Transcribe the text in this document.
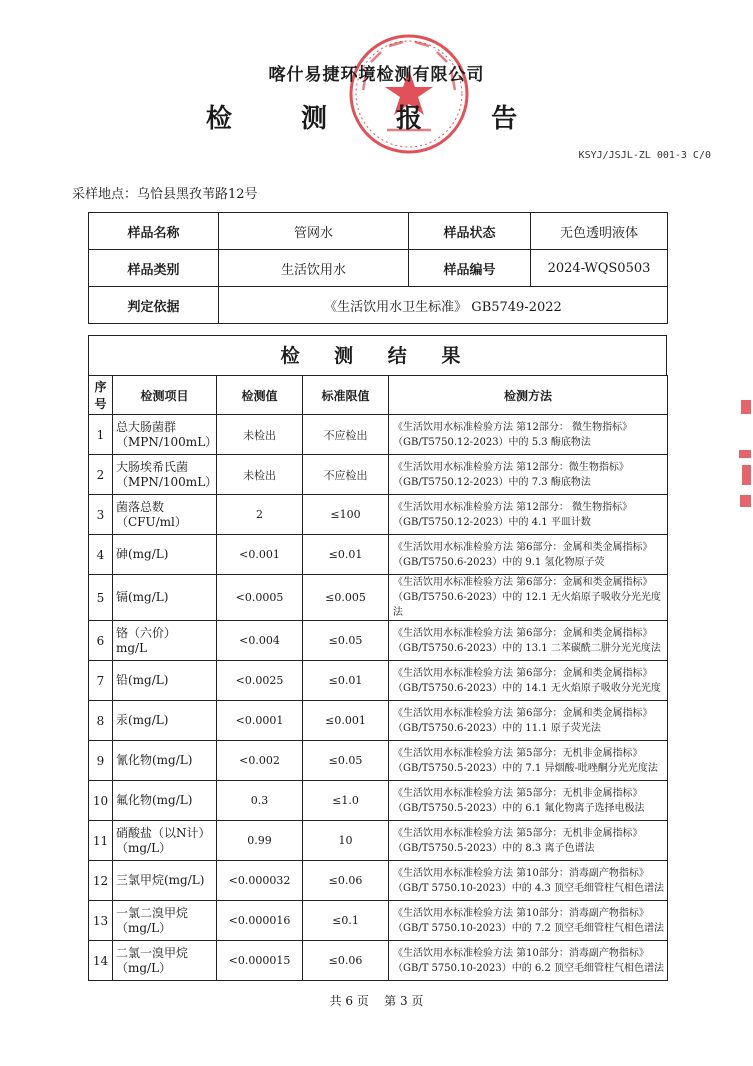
喀什易捷环境检测有限公司
检 测 报 告
KSYJ/JSJL-ZL 001-3 C/0
采样地点：乌恰县黑孜苇路12号
样品名称	管网水	样品状态	无色透明液体
样品类别	生活饮用水	样品编号	2024-WQS0503
判定依据	《生活饮用水卫生标准》 GB5749-2022		
检 测 结 果
序号	检测项目	检测值	标准限值	检测方法
1	总大肠菌群
（MPN/100mL）	未检出	不应检出	《生活饮用水标准检验方法 第12部分： 微生物指标》
（GB/T5750.12-2023）中的 5.3 酶底物法
2	大肠埃希氏菌
（MPN/100mL）	未检出	不应检出	《生活饮用水标准检验方法 第12部分：微生物指标》
（GB/T5750.12-2023）中的 7.3 酶底物法
3	菌落总数
（CFU/ml）	2	≤100	《生活饮用水标准检验方法 第12部分： 微生物指标》
（GB/T5750.12-2023）中的 4.1 平皿计数
4	砷(mg/L)	<0.001	≤0.01	《生活饮用水标准检验方法 第6部分：金属和类金属指标》
（GB/T5750.6-2023）中的 9.1 氢化物原子荧
5	镉(mg/L)	<0.0005	≤0.005	《生活饮用水标准检验方法 第6部分：金属和类金属指标》
（GB/T5750.6-2023）中的 12.1 无火焰原子吸收分光光度法
6	铬（六价）
mg/L	<0.004	≤0.05	《生活饮用水标准检验方法 第6部分：金属和类金属指标》
（GB/T5750.6-2023）中的 13.1 二苯碳酰二肼分光光度法
7	铅(mg/L)	<0.0025	≤0.01	《生活饮用水标准检验方法 第6部分：金属和类金属指标》
（GB/T5750.6-2023）中的 14.1 无火焰原子吸收分光光度
8	汞(mg/L)	<0.0001	≤0.001	《生活饮用水标准检验方法 第6部分：金属和类金属指标》
（GB/T5750.6-2023）中的 11.1 原子荧光法
9	氰化物(mg/L)	<0.002	≤0.05	《生活饮用水标准检验方法 第5部分：无机非金属指标》
（GB/T5750.5-2023）中的 7.1 异烟酸-吡唑酮分光光度法
10	氟化物(mg/L)	0.3	≤1.0	《生活饮用水标准检验方法 第5部分：无机非金属指标》
（GB/T5750.5-2023）中的 6.1 氟化物离子选择电极法
11	硝酸盐（以N计）
（mg/L）	0.99	10	《生活饮用水标准检验方法 第5部分：无机非金属指标》
（GB/T5750.5-2023）中的 8.3 离子色谱法
12	三氯甲烷(mg/L)	<0.000032	≤0.06	《生活饮用水标准检验方法 第10部分：消毒副产物指标》
（GB/T 5750.10-2023）中的 4.3 顶空毛细管柱气相色谱法
13	一氯二溴甲烷
（mg/L）	<0.000016	≤0.1	《生活饮用水标准检验方法 第10部分：消毒副产物指标》
（GB/T 5750.10-2023）中的 7.2 顶空毛细管柱气相色谱法
14	二氯一溴甲烷
（mg/L）	<0.000015	≤0.06	《生活饮用水标准检验方法 第10部分：消毒副产物指标》
（GB/T 5750.10-2023）中的 6.2 顶空毛细管柱气相色谱法
共 6 页 第 3 页
